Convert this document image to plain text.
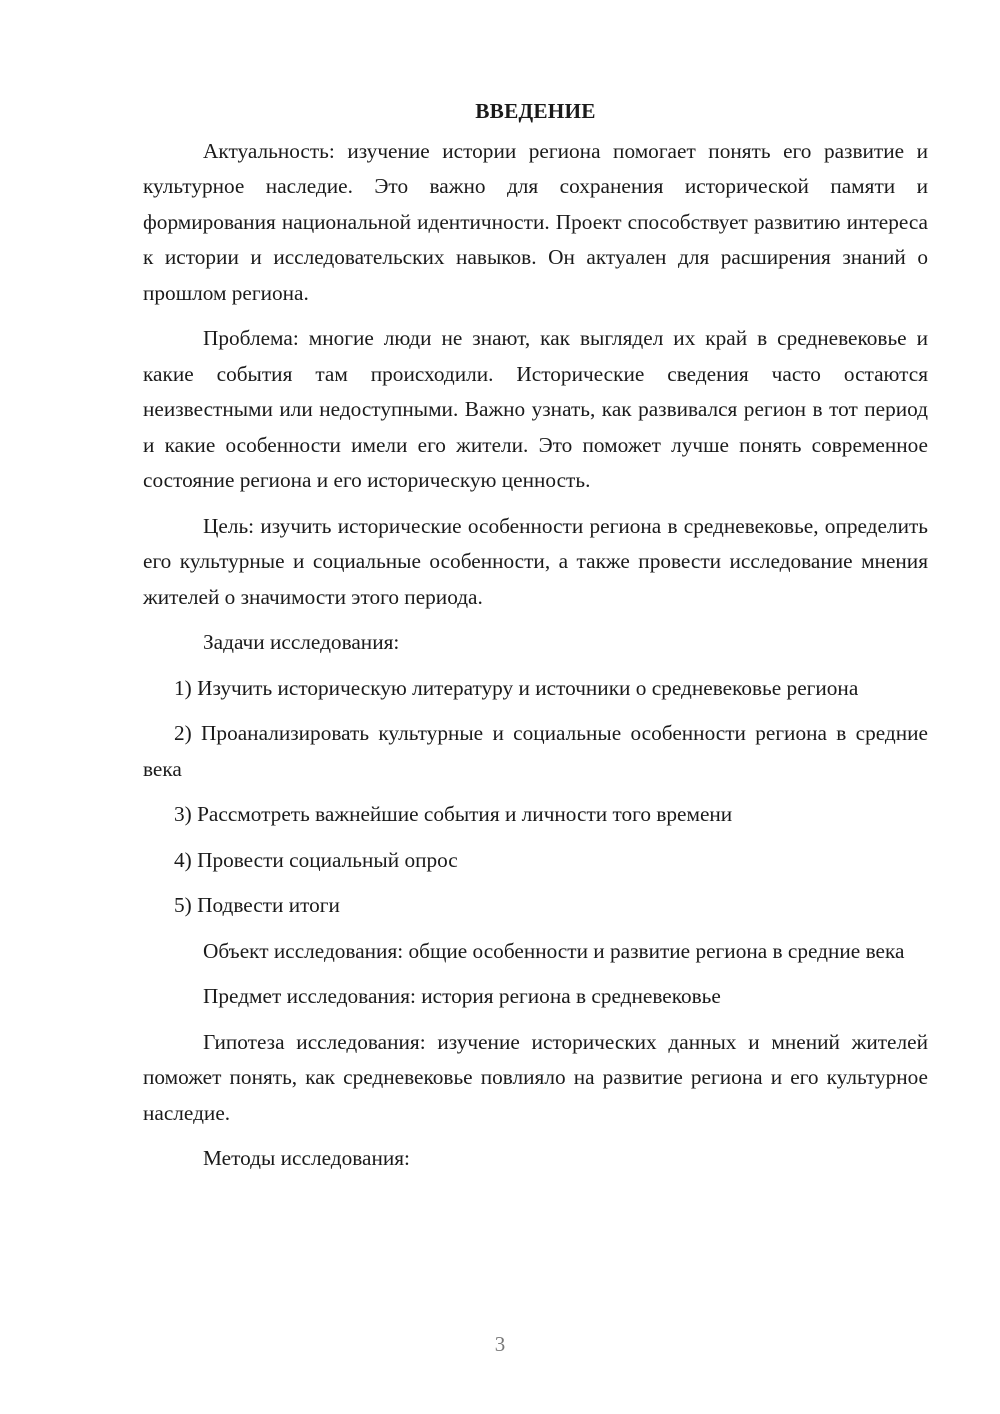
ВВЕДЕНИЕ

Актуальность: изучение истории региона помогает понять его развитие и культурное наследие. Это важно для сохранения исторической памяти и формирования национальной идентичности. Проект способствует развитию интереса к истории и исследовательских навыков. Он актуален для расширения знаний о прошлом региона.

Проблема: многие люди не знают, как выглядел их край в средневековье и какие события там происходили. Исторические сведения часто остаются неизвестными или недоступными. Важно узнать, как развивался регион в тот период и какие особенности имели его жители. Это поможет лучше понять современное состояние региона и его историческую ценность.

Цель: изучить исторические особенности региона в средневековье, определить его культурные и социальные особенности, а также провести исследование мнения жителей о значимости этого периода.

Задачи исследования:

1) Изучить историческую литературу и источники о средневековье региона

2) Проанализировать культурные и социальные особенности региона в средние века

3) Рассмотреть важнейшие события и личности того времени

4) Провести социальный опрос

5) Подвести итоги

Объект исследования: общие особенности и развитие региона в средние века

Предмет исследования: история региона в средневековье

Гипотеза исследования: изучение исторических данных и мнений жителей поможет понять, как средневековье повлияло на развитие региона и его культурное наследие.

Методы исследования:

3
